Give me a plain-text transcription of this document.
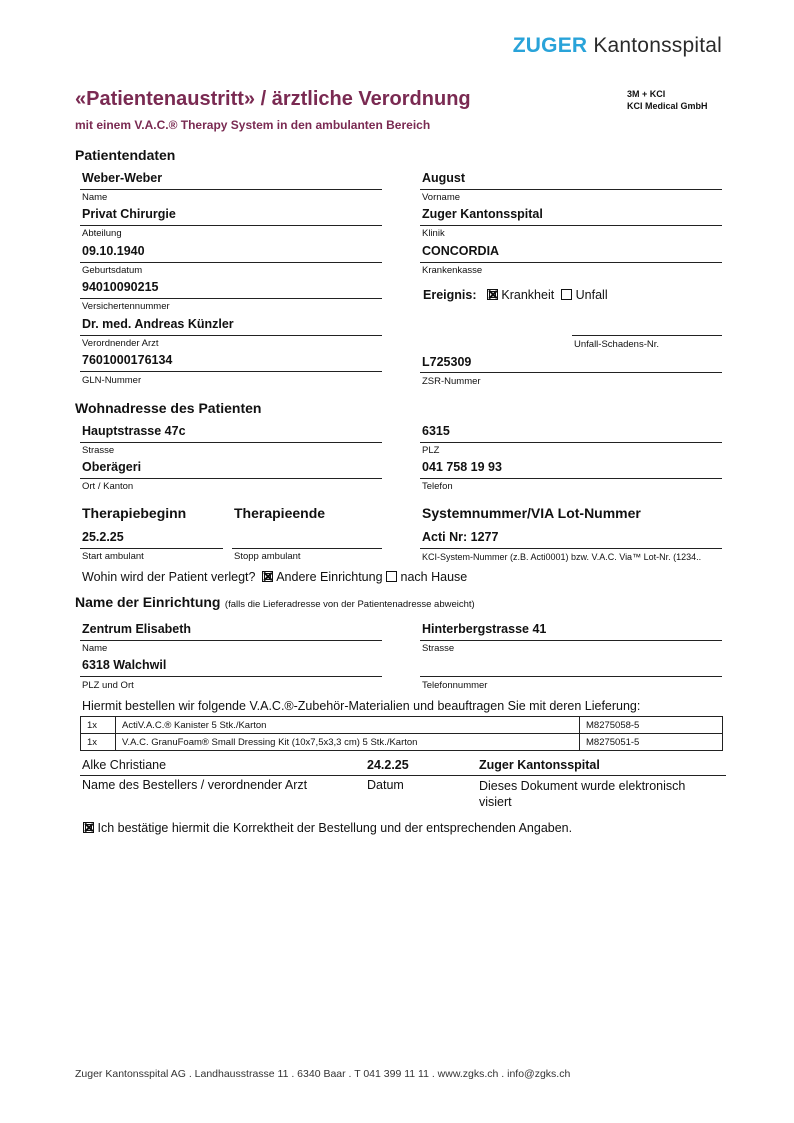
ZUGER Kantonsspital
«Patientenaustritt» / ärztliche Verordnung
mit einem V.A.C.® Therapy System in den ambulanten Bereich
3M + KCI
KCI Medical GmbH
Patientendaten
Weber-Weber
Name
August
Vorname
Privat Chirurgie
Abteilung
Zuger Kantonsspital
Klinik
09.10.1940
Geburtsdatum
CONCORDIA
Krankenkasse
94010090215
Versichertennummer
Ereignis: Krankheit Unfall
Dr. med. Andreas Künzler
Verordnender Arzt	Unfall-Schadens-Nr.
7601000176134
GLN-Nummer
L725309
ZSR-Nummer
Wohnadresse des Patienten
Hauptstrasse 47c
Strasse
6315
PLZ
Oberägeri
Ort / Kanton
041 758 19 93
Telefon
Therapiebeginn	Therapieende	Systemnummer/VIA Lot-Nummer
25.2.25
Start ambulant	Stopp ambulant
Acti Nr: 1277
KCI-System-Nummer (z.B. Acti0001) bzw. V.A.C. Via™ Lot-Nr. (1234..
Wohin wird der Patient verlegt? Andere Einrichtung nach Hause
Name der Einrichtung (falls die Lieferadresse von der Patientenadresse abweicht)
Zentrum Elisabeth
Name
Hinterbergstrasse 41
Strasse
6318 Walchwil
PLZ und Ort	Telefonnummer
Hiermit bestellen wir folgende V.A.C.®-Zubehör-Materialien und beauftragen Sie mit deren Lieferung:
1x	ActiV.A.C.® Kanister 5 Stk./Karton	M8275058-5
1x	V.A.C. GranuFoam® Small Dressing Kit (10x7,5x3,3 cm) 5 Stk./Karton	M8275051-5
Alke Christiane	24.2.25	Zuger Kantonsspital
Name des Bestellers / verordnender Arzt	Datum	Dieses Dokument wurde elektronisch visiert
Ich bestätige hiermit die Korrektheit der Bestellung und der entsprechenden Angaben.
Zuger Kantonsspital AG . Landhausstrasse 11 . 6340 Baar . T 041 399 11 11 . www.zgks.ch . info@zgks.ch
